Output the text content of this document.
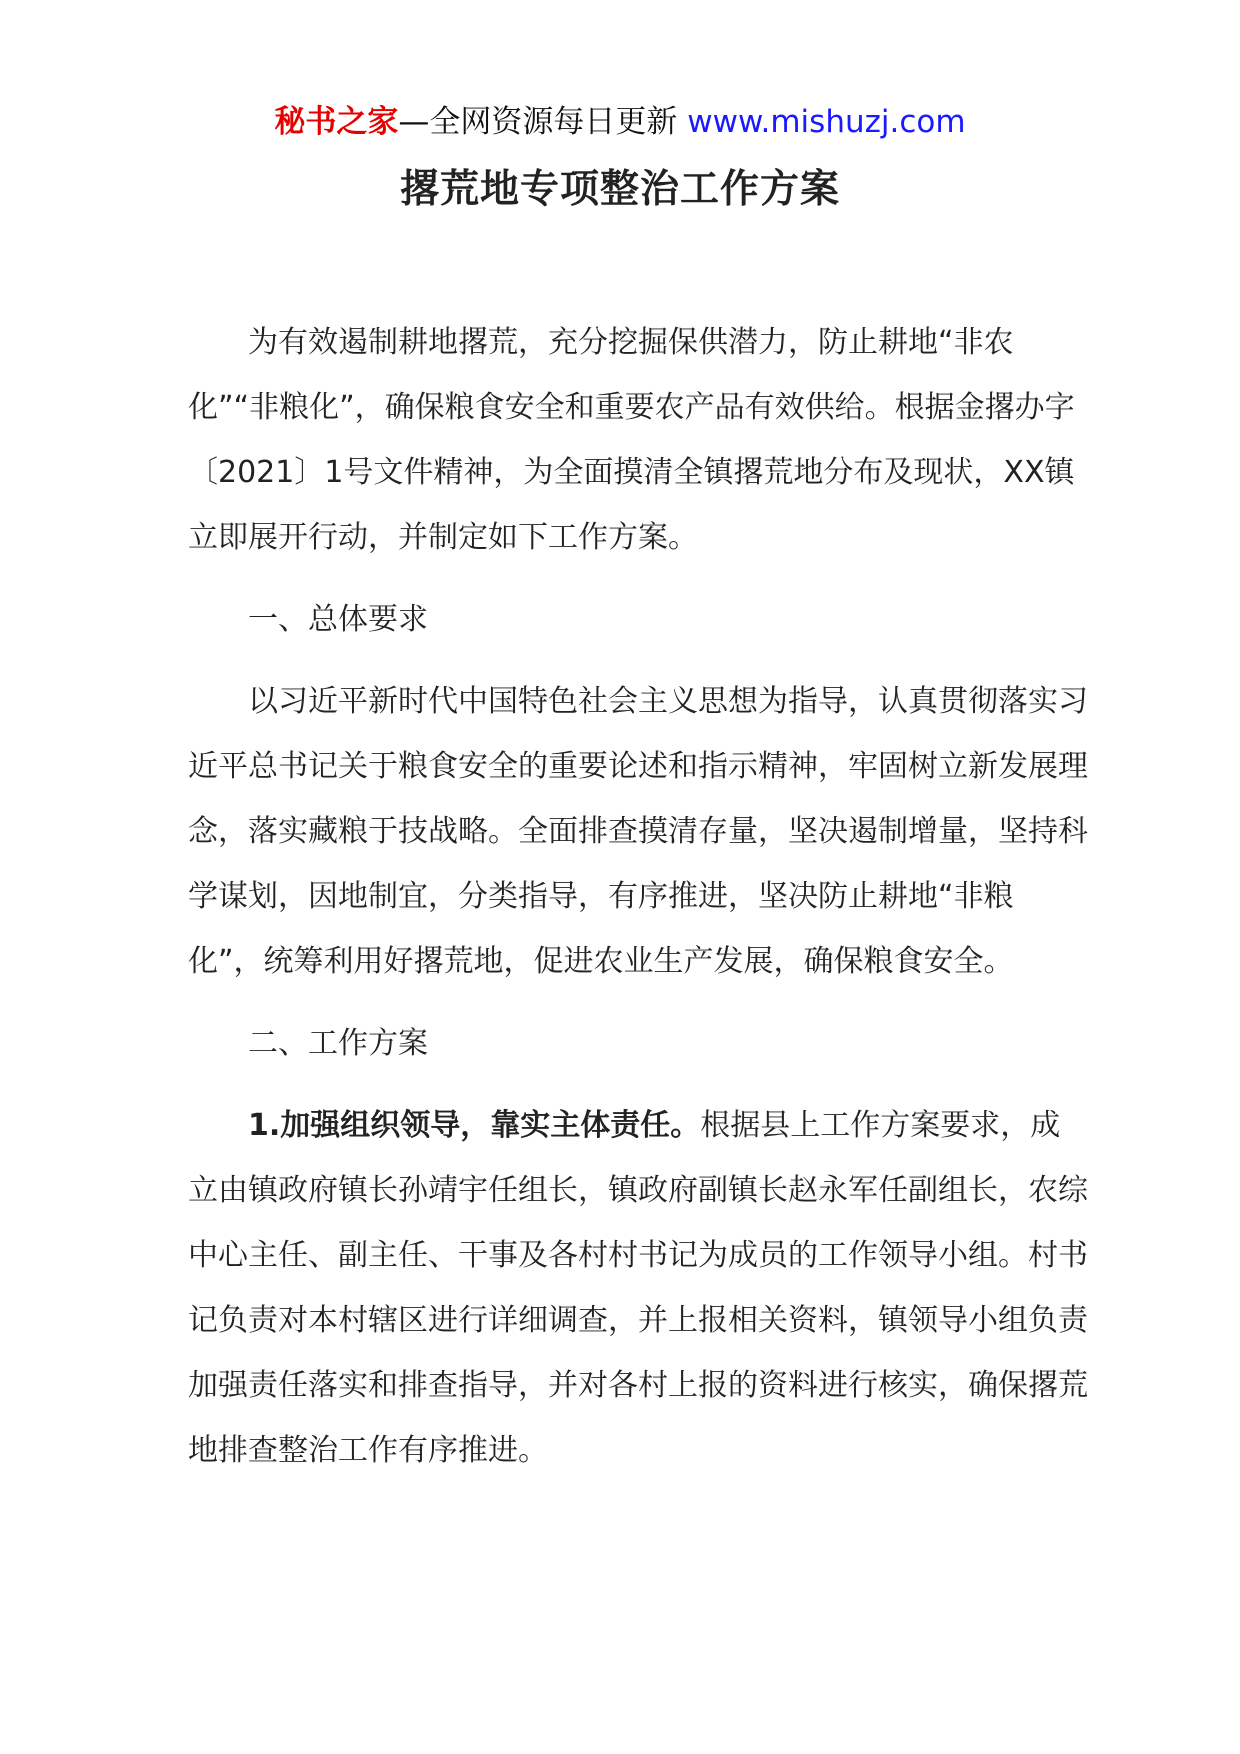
秘书之家—全网资源每日更新 www.mishuzj.com
撂荒地专项整治工作方案

为有效遏制耕地撂荒，充分挖掘保供潜力，防止耕地“非农化”“非粮化”，确保粮食安全和重要农产品有效供给。根据金撂办字〔2021〕1号文件精神，为全面摸清全镇撂荒地分布及现状，XX镇立即展开行动，并制定如下工作方案。

一、总体要求

以习近平新时代中国特色社会主义思想为指导，认真贯彻落实习近平总书记关于粮食安全的重要论述和指示精神，牢固树立新发展理念，落实藏粮于技战略。全面排查摸清存量，坚决遏制增量，坚持科学谋划，因地制宜，分类指导，有序推进，坚决防止耕地“非粮化”，统筹利用好撂荒地，促进农业生产发展，确保粮食安全。

二、工作方案

1.加强组织领导，靠实主体责任。根据县上工作方案要求，成立由镇政府镇长孙靖宇任组长，镇政府副镇长赵永军任副组长，农综中心主任、副主任、干事及各村村书记为成员的工作领导小组。村书记负责对本村辖区进行详细调查，并上报相关资料，镇领导小组负责加强责任落实和排查指导，并对各村上报的资料进行核实，确保撂荒地排查整治工作有序推进。
